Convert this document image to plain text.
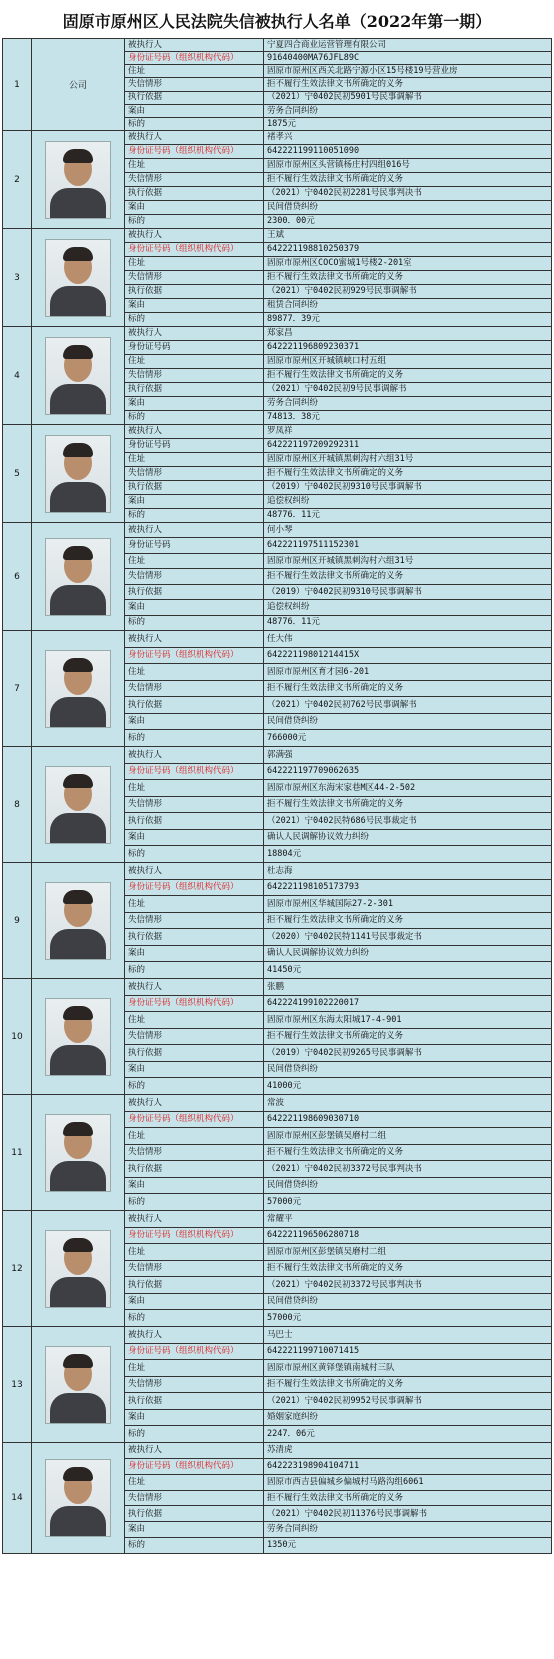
固原市原州区人民法院失信被执行人名单（2022年第一期）
1	公司
被执行人	宁夏四合商业运营管理有限公司
身份证号码（组织机构代码）	91640400MA76JFL89C
住址	固原市原州区西关北路宁源小区15号楼19号营业房
失信情形	拒不履行生效法律文书所确定的义务
执行依据	（2021）宁0402民初5901号民事调解书
案由	劳务合同纠纷
标的	1875元
2
被执行人	褚孝兴
身份证号码（组织机构代码）	642221199110051090
住址	固原市原州区头营镇杨庄村四组016号
失信情形	拒不履行生效法律文书所确定的义务
执行依据	（2021）宁0402民初2281号民事判决书
案由	民间借贷纠纷
标的	2300．00元
3
被执行人	王斌
身份证号码（组织机构代码）	642221198810250379
住址	固原市原州区COCO蜜城1号楼2-201室
失信情形	拒不履行生效法律文书所确定的义务
执行依据	（2021）宁0402民初929号民事调解书
案由	租赁合同纠纷
标的	89877．39元
4
被执行人	郑家昌
身份证号码	642221196809230371
住址	固原市原州区开城镇峡口村五组
失信情形	拒不履行生效法律文书所确定的义务
执行依据	（2021）宁0402民初9号民事调解书
案由	劳务合同纠纷
标的	74813．38元
5
被执行人	罗凤祥
身份证号码	642221197209292311
住址	固原市原州区开城镇黑刺沟村六组31号
失信情形	拒不履行生效法律文书所确定的义务
执行依据	（2019）宁0402民初9310号民事调解书
案由	追偿权纠纷
标的	48776．11元
6
被执行人	何小琴
身份证号码	642221197511152301
住址	固原市原州区开城镇黑刺沟村六组31号
失信情形	拒不履行生效法律文书所确定的义务
执行依据	（2019）宁0402民初9310号民事调解书
案由	追偿权纠纷
标的	48776．11元
7
被执行人	任大伟
身份证号码（组织机构代码）	64222119801214415X
住址	固原市原州区育才园6-201
失信情形	拒不履行生效法律文书所确定的义务
执行依据	（2021）宁0402民初762号民事调解书
案由	民间借贷纠纷
标的	766000元
8
被执行人	郭满强
身份证号码（组织机构代码）	642221197709062635
住址	固原市原州区东海宋家巷M区44-2-502
失信情形	拒不履行生效法律文书所确定的义务
执行依据	（2021）宁0402民特686号民事裁定书
案由	确认人民调解协议效力纠纷
标的	18804元
9
被执行人	杜志海
身份证号码（组织机构代码）	642221198105173793
住址	固原市原州区华城国际27-2-301
失信情形	拒不履行生效法律文书所确定的义务
执行依据	（2020）宁0402民特1141号民事裁定书
案由	确认人民调解协议效力纠纷
标的	41450元
10
被执行人	张鹏
身份证号码（组织机构代码）	642224199102220017
住址	固原市原州区东海太阳城17-4-901
失信情形	拒不履行生效法律文书所确定的义务
执行依据	（2019）宁0402民初9265号民事调解书
案由	民间借贷纠纷
标的	41000元
11
被执行人	常波
身份证号码（组织机构代码）	642221198609030710
住址	固原市原州区彭堡镇吴磨村二组
失信情形	拒不履行生效法律文书所确定的义务
执行依据	（2021）宁0402民初3372号民事判决书
案由	民间借贷纠纷
标的	57000元
12
被执行人	常耀平
身份证号码（组织机构代码）	642221196506280718
住址	固原市原州区彭堡镇吴磨村二组
失信情形	拒不履行生效法律文书所确定的义务
执行依据	（2021）宁0402民初3372号民事判决书
案由	民间借贷纠纷
标的	57000元
13
被执行人	马巴士
身份证号码（组织机构代码）	642221199710071415
住址	固原市原州区黄铎堡镇南城村三队
失信情形	拒不履行生效法律文书所确定的义务
执行依据	（2021）宁0402民初9952号民事调解书
案由	婚姻家庭纠纷
标的	2247．06元
14
被执行人	苏清虎
身份证号码（组织机构代码）	642223198904104711
住址	固原市西吉县偏城乡偏城村马路沟组6061
失信情形	拒不履行生效法律文书所确定的义务
执行依据	（2021）宁0402民初11376号民事调解书
案由	劳务合同纠纷
标的	1350元
